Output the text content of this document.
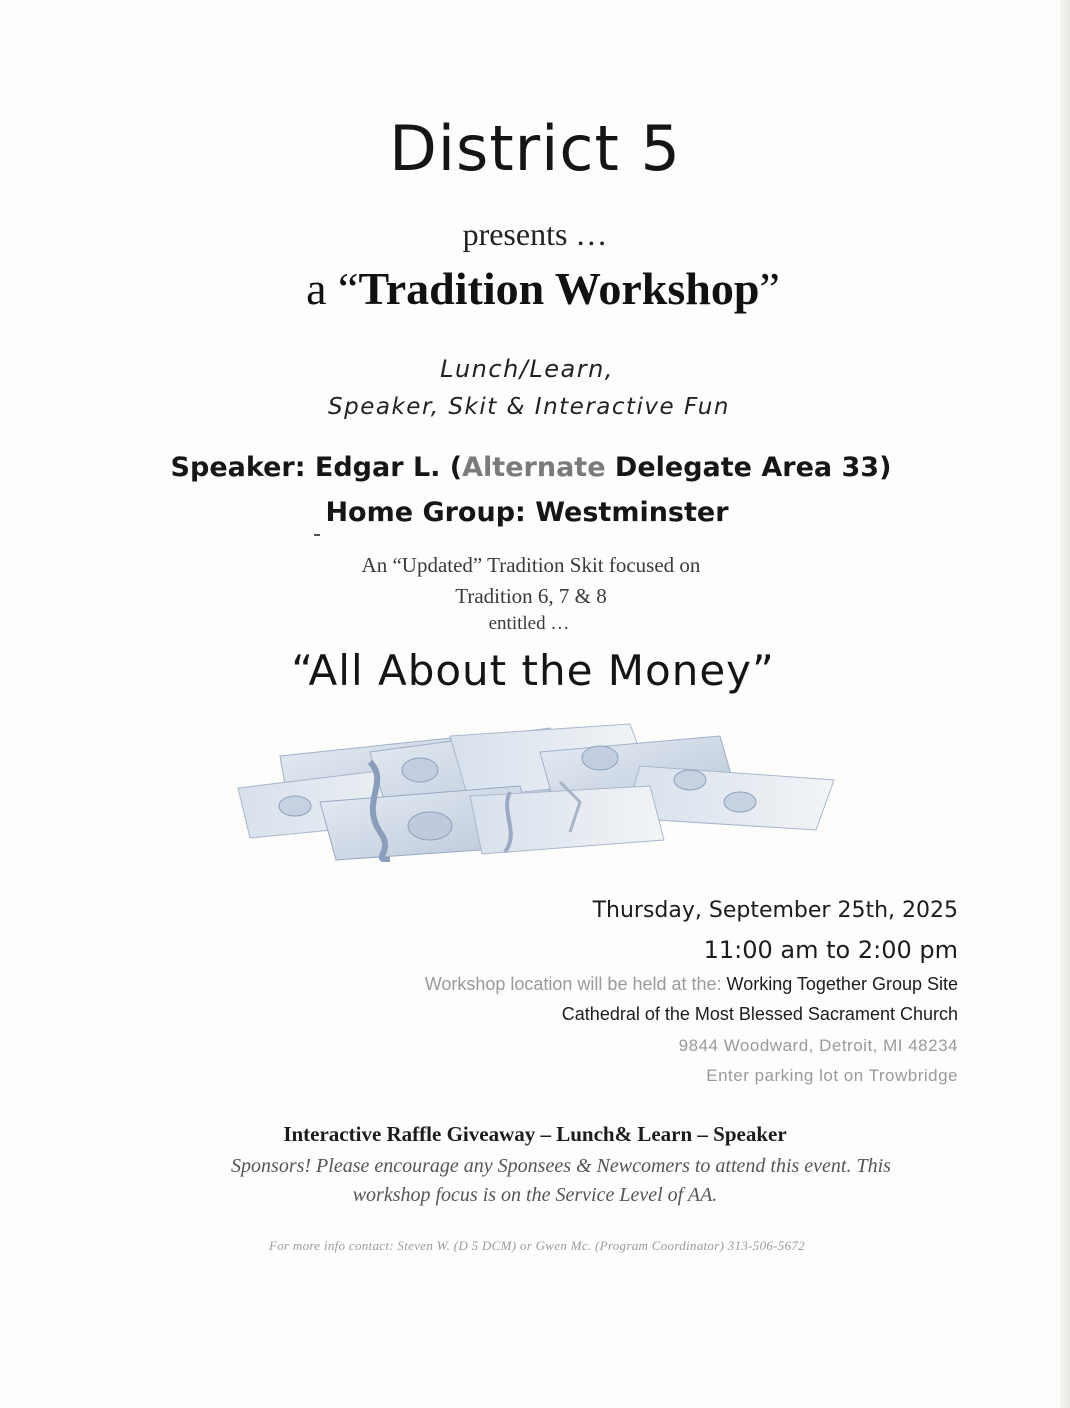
District 5
presents …
a “Tradition Workshop”
Lunch/Learn,
Speaker, Skit & Interactive Fun
Speaker: Edgar L. (Alternate Delegate Area 33)
Home Group: Westminster
An “Updated” Tradition Skit focused on
Tradition 6, 7 & 8
entitled …
“All About the Money”
Thursday, September 25th, 2025
11:00 am to 2:00 pm
Workshop location will be held at the: Working Together Group Site
Cathedral of the Most Blessed Sacrament Church
9844 Woodward, Detroit, MI 48234
Enter parking lot on Trowbridge
Interactive Raffle Giveaway – Lunch& Learn – Speaker
Sponsors! Please encourage any Sponsees & Newcomers to attend this event. This
workshop focus is on the Service Level of AA.
For more info contact: Steven W. (D 5 DCM) or Gwen Mc. (Program Coordinator) 313-506-5672
